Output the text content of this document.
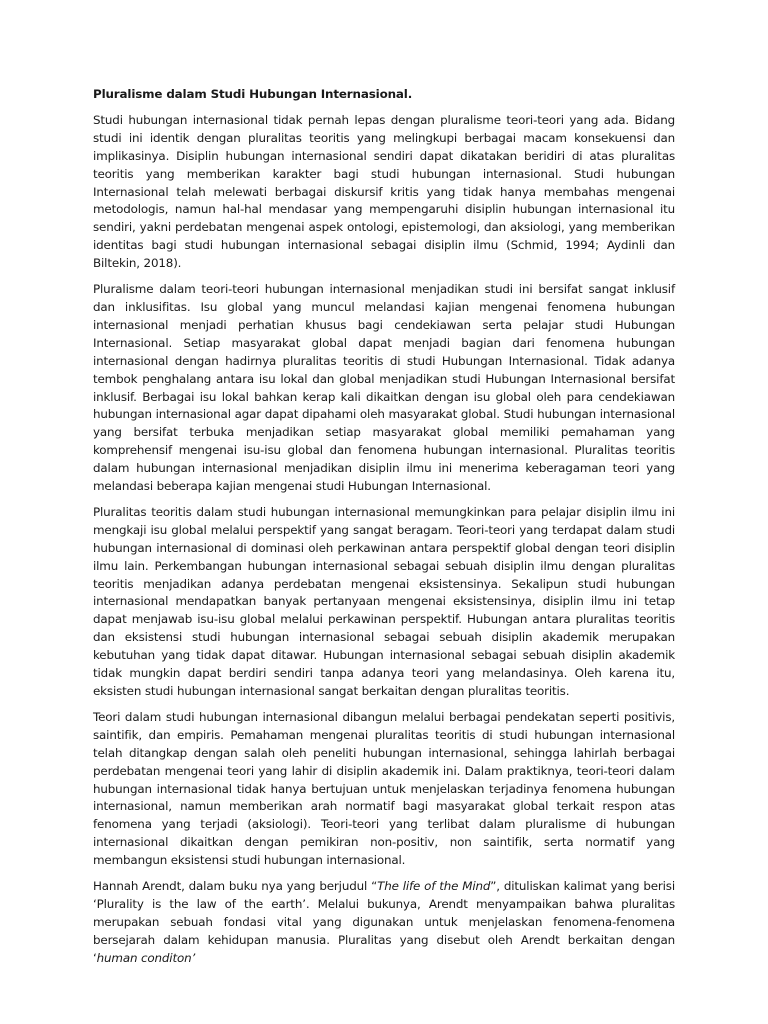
Pluralisme dalam Studi Hubungan Internasional.

Studi hubungan internasional tidak pernah lepas dengan pluralisme teori-teori yang ada. Bidang studi ini identik dengan pluralitas teoritis yang melingkupi berbagai macam konsekuensi dan implikasinya. Disiplin hubungan internasional sendiri dapat dikatakan beridiri di atas pluralitas teoritis yang memberikan karakter bagi studi hubungan internasional. Studi hubungan Internasional telah melewati berbagai diskursif kritis yang tidak hanya membahas mengenai metodologis, namun hal-hal mendasar yang mempengaruhi disiplin hubungan internasional itu sendiri, yakni perdebatan mengenai aspek ontologi, epistemologi, dan aksiologi, yang memberikan identitas bagi studi hubungan internasional sebagai disiplin ilmu (Schmid, 1994; Aydinli dan Biltekin, 2018).

Pluralisme dalam teori-teori hubungan internasional menjadikan studi ini bersifat sangat inklusif dan inklusifitas. Isu global yang muncul melandasi kajian mengenai fenomena hubungan internasional menjadi perhatian khusus bagi cendekiawan serta pelajar studi Hubungan Internasional. Setiap masyarakat global dapat menjadi bagian dari fenomena hubungan internasional dengan hadirnya pluralitas teoritis di studi Hubungan Internasional. Tidak adanya tembok penghalang antara isu lokal dan global menjadikan studi Hubungan Internasional bersifat inklusif. Berbagai isu lokal bahkan kerap kali dikaitkan dengan isu global oleh para cendekiawan hubungan internasional agar dapat dipahami oleh masyarakat global. Studi hubungan internasional yang bersifat terbuka menjadikan setiap masyarakat global memiliki pemahaman yang komprehensif mengenai isu-isu global dan fenomena hubungan internasional. Pluralitas teoritis dalam hubungan internasional menjadikan disiplin ilmu ini menerima keberagaman teori yang melandasi beberapa kajian mengenai studi Hubungan Internasional.

Pluralitas teoritis dalam studi hubungan internasional memungkinkan para pelajar disiplin ilmu ini mengkaji isu global melalui perspektif yang sangat beragam. Teori-teori yang terdapat dalam studi hubungan internasional di dominasi oleh perkawinan antara perspektif global dengan teori disiplin ilmu lain. Perkembangan hubungan internasional sebagai sebuah disiplin ilmu dengan pluralitas teoritis menjadikan adanya perdebatan mengenai eksistensinya. Sekalipun studi hubungan internasional mendapatkan banyak pertanyaan mengenai eksistensinya, disiplin ilmu ini tetap dapat menjawab isu-isu global melalui perkawinan perspektif. Hubungan antara pluralitas teoritis dan eksistensi studi hubungan internasional sebagai sebuah disiplin akademik merupakan kebutuhan yang tidak dapat ditawar. Hubungan internasional sebagai sebuah disiplin akademik tidak mungkin dapat berdiri sendiri tanpa adanya teori yang melandasinya. Oleh karena itu, eksisten studi hubungan internasional sangat berkaitan dengan pluralitas teoritis.

Teori dalam studi hubungan internasional dibangun melalui berbagai pendekatan seperti positivis, saintifik, dan empiris. Pemahaman mengenai pluralitas teoritis di studi hubungan internasional telah ditangkap dengan salah oleh peneliti hubungan internasional, sehingga lahirlah berbagai perdebatan mengenai teori yang lahir di disiplin akademik ini. Dalam praktiknya, teori-teori dalam hubungan internasional tidak hanya bertujuan untuk menjelaskan terjadinya fenomena hubungan internasional, namun memberikan arah normatif bagi masyarakat global terkait respon atas fenomena yang terjadi (aksiologi). Teori-teori yang terlibat dalam pluralisme di hubungan internasional dikaitkan dengan pemikiran non-positiv, non saintifik, serta normatif yang membangun eksistensi studi hubungan internasional.

Hannah Arendt, dalam buku nya yang berjudul “The life of the Mind”, dituliskan kalimat yang berisi ‘Plurality is the law of the earth’. Melalui bukunya, Arendt menyampaikan bahwa pluralitas merupakan sebuah fondasi vital yang digunakan untuk menjelaskan fenomena-fenomena bersejarah dalam kehidupan manusia. Pluralitas yang disebut oleh Arendt berkaitan dengan ‘human conditon’
